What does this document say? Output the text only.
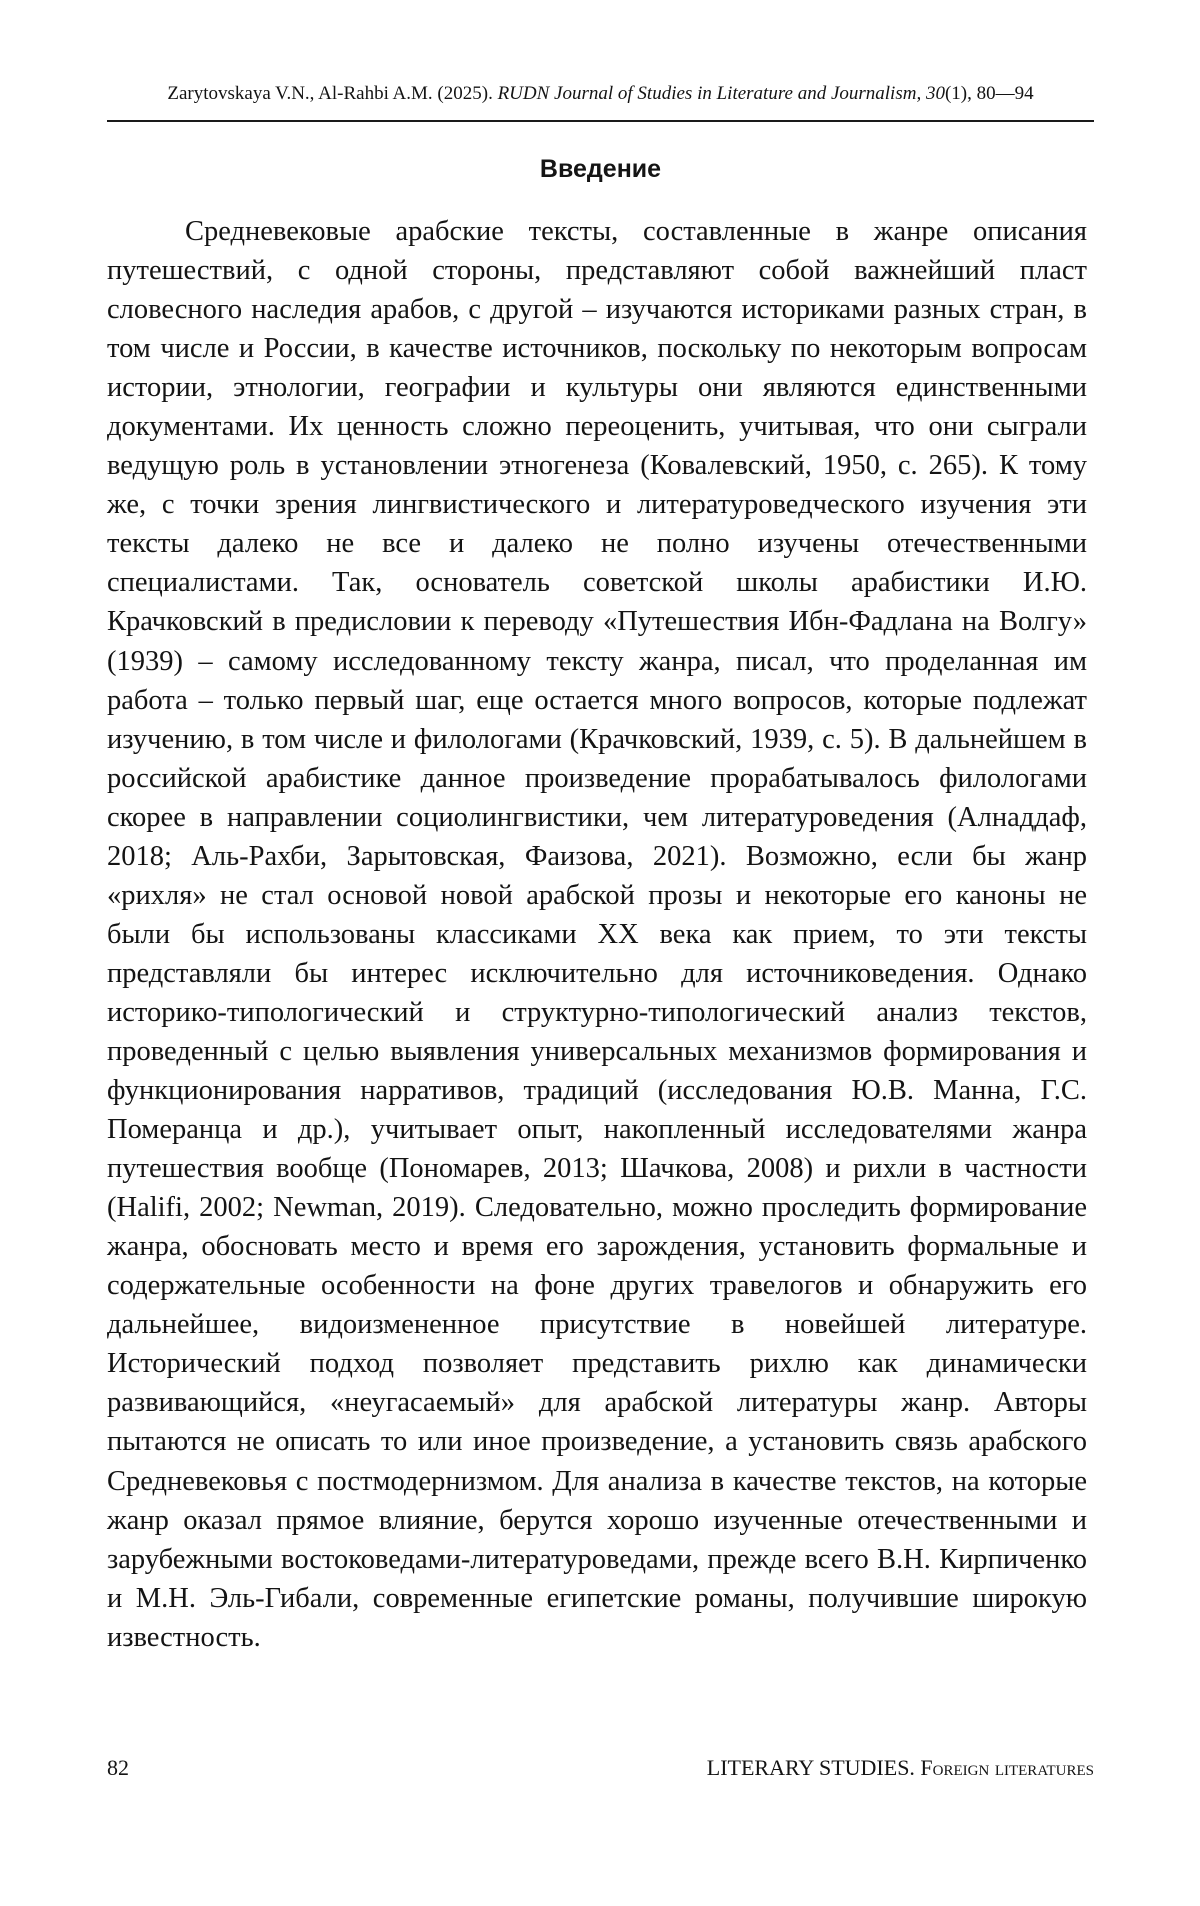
Zarytovskaya V.N., Al-Rahbi A.M. (2025). RUDN Journal of Studies in Literature and Journalism, 30(1), 80—94
Введение

Средневековые арабские тексты, составленные в жанре описания путешествий, с одной стороны, представляют собой важнейший пласт словесного наследия арабов, с другой – изучаются историками разных стран, в том числе и России, в качестве источников, поскольку по некоторым вопросам истории, этнологии, географии и культуры они являются единственными документами. Их ценность сложно переоценить, учитывая, что они сыграли ведущую роль в установлении этногенеза (Ковалевский, 1950, с. 265). К тому же, с точки зрения лингвистического и литературоведческого изучения эти тексты далеко не все и далеко не полно изучены отечественными специалистами. Так, основатель советской школы арабистики И.Ю. Крачковский в предисловии к переводу «Путешествия Ибн-Фадлана на Волгу» (1939) – самому исследованному тексту жанра, писал, что проделанная им работа – только первый шаг, еще остается много вопросов, которые подлежат изучению, в том числе и филологами (Крачковский, 1939, с. 5). В дальнейшем в российской арабистике данное произведение прорабатывалось филологами скорее в направлении социолингвистики, чем литературоведения (Алнаддаф, 2018; Аль-Рахби, Зарытовская, Фаизова, 2021). Возможно, если бы жанр «рихля» не стал основой новой арабской прозы и некоторые его каноны не были бы использованы классиками XX века как прием, то эти тексты представляли бы интерес исключительно для источниковедения. Однако историко-типологический и структурно-типологический анализ текстов, проведенный с целью выявления универсальных механизмов формирования и функционирования нарративов, традиций (исследования Ю.В. Манна, Г.С. Померанца и др.), учитывает опыт, накопленный исследователями жанра путешествия вообще (Пономарев, 2013; Шачкова, 2008) и рихли в частности (Halifi, 2002; Newman, 2019). Следовательно, можно проследить формирование жанра, обосновать место и время его зарождения, установить формальные и содержательные особенности на фоне других травелогов и обнаружить его дальнейшее, видоизмененное присутствие в новейшей литературе. Исторический подход позволяет представить рихлю как динамически развивающийся, «неугасаемый» для арабской литературы жанр. Авторы пытаются не описать то или иное произведение, а установить связь арабского Средневековья с постмодернизмом. Для анализа в качестве текстов, на которые жанр оказал прямое влияние, берутся хорошо изученные отечественными и зарубежными востоковедами-литературоведами, прежде всего В.Н. Кирпиченко и М.Н. Эль-Гибали, современные египетские романы, получившие широкую известность.

82	LITERARY STUDIES. Foreign literatures
